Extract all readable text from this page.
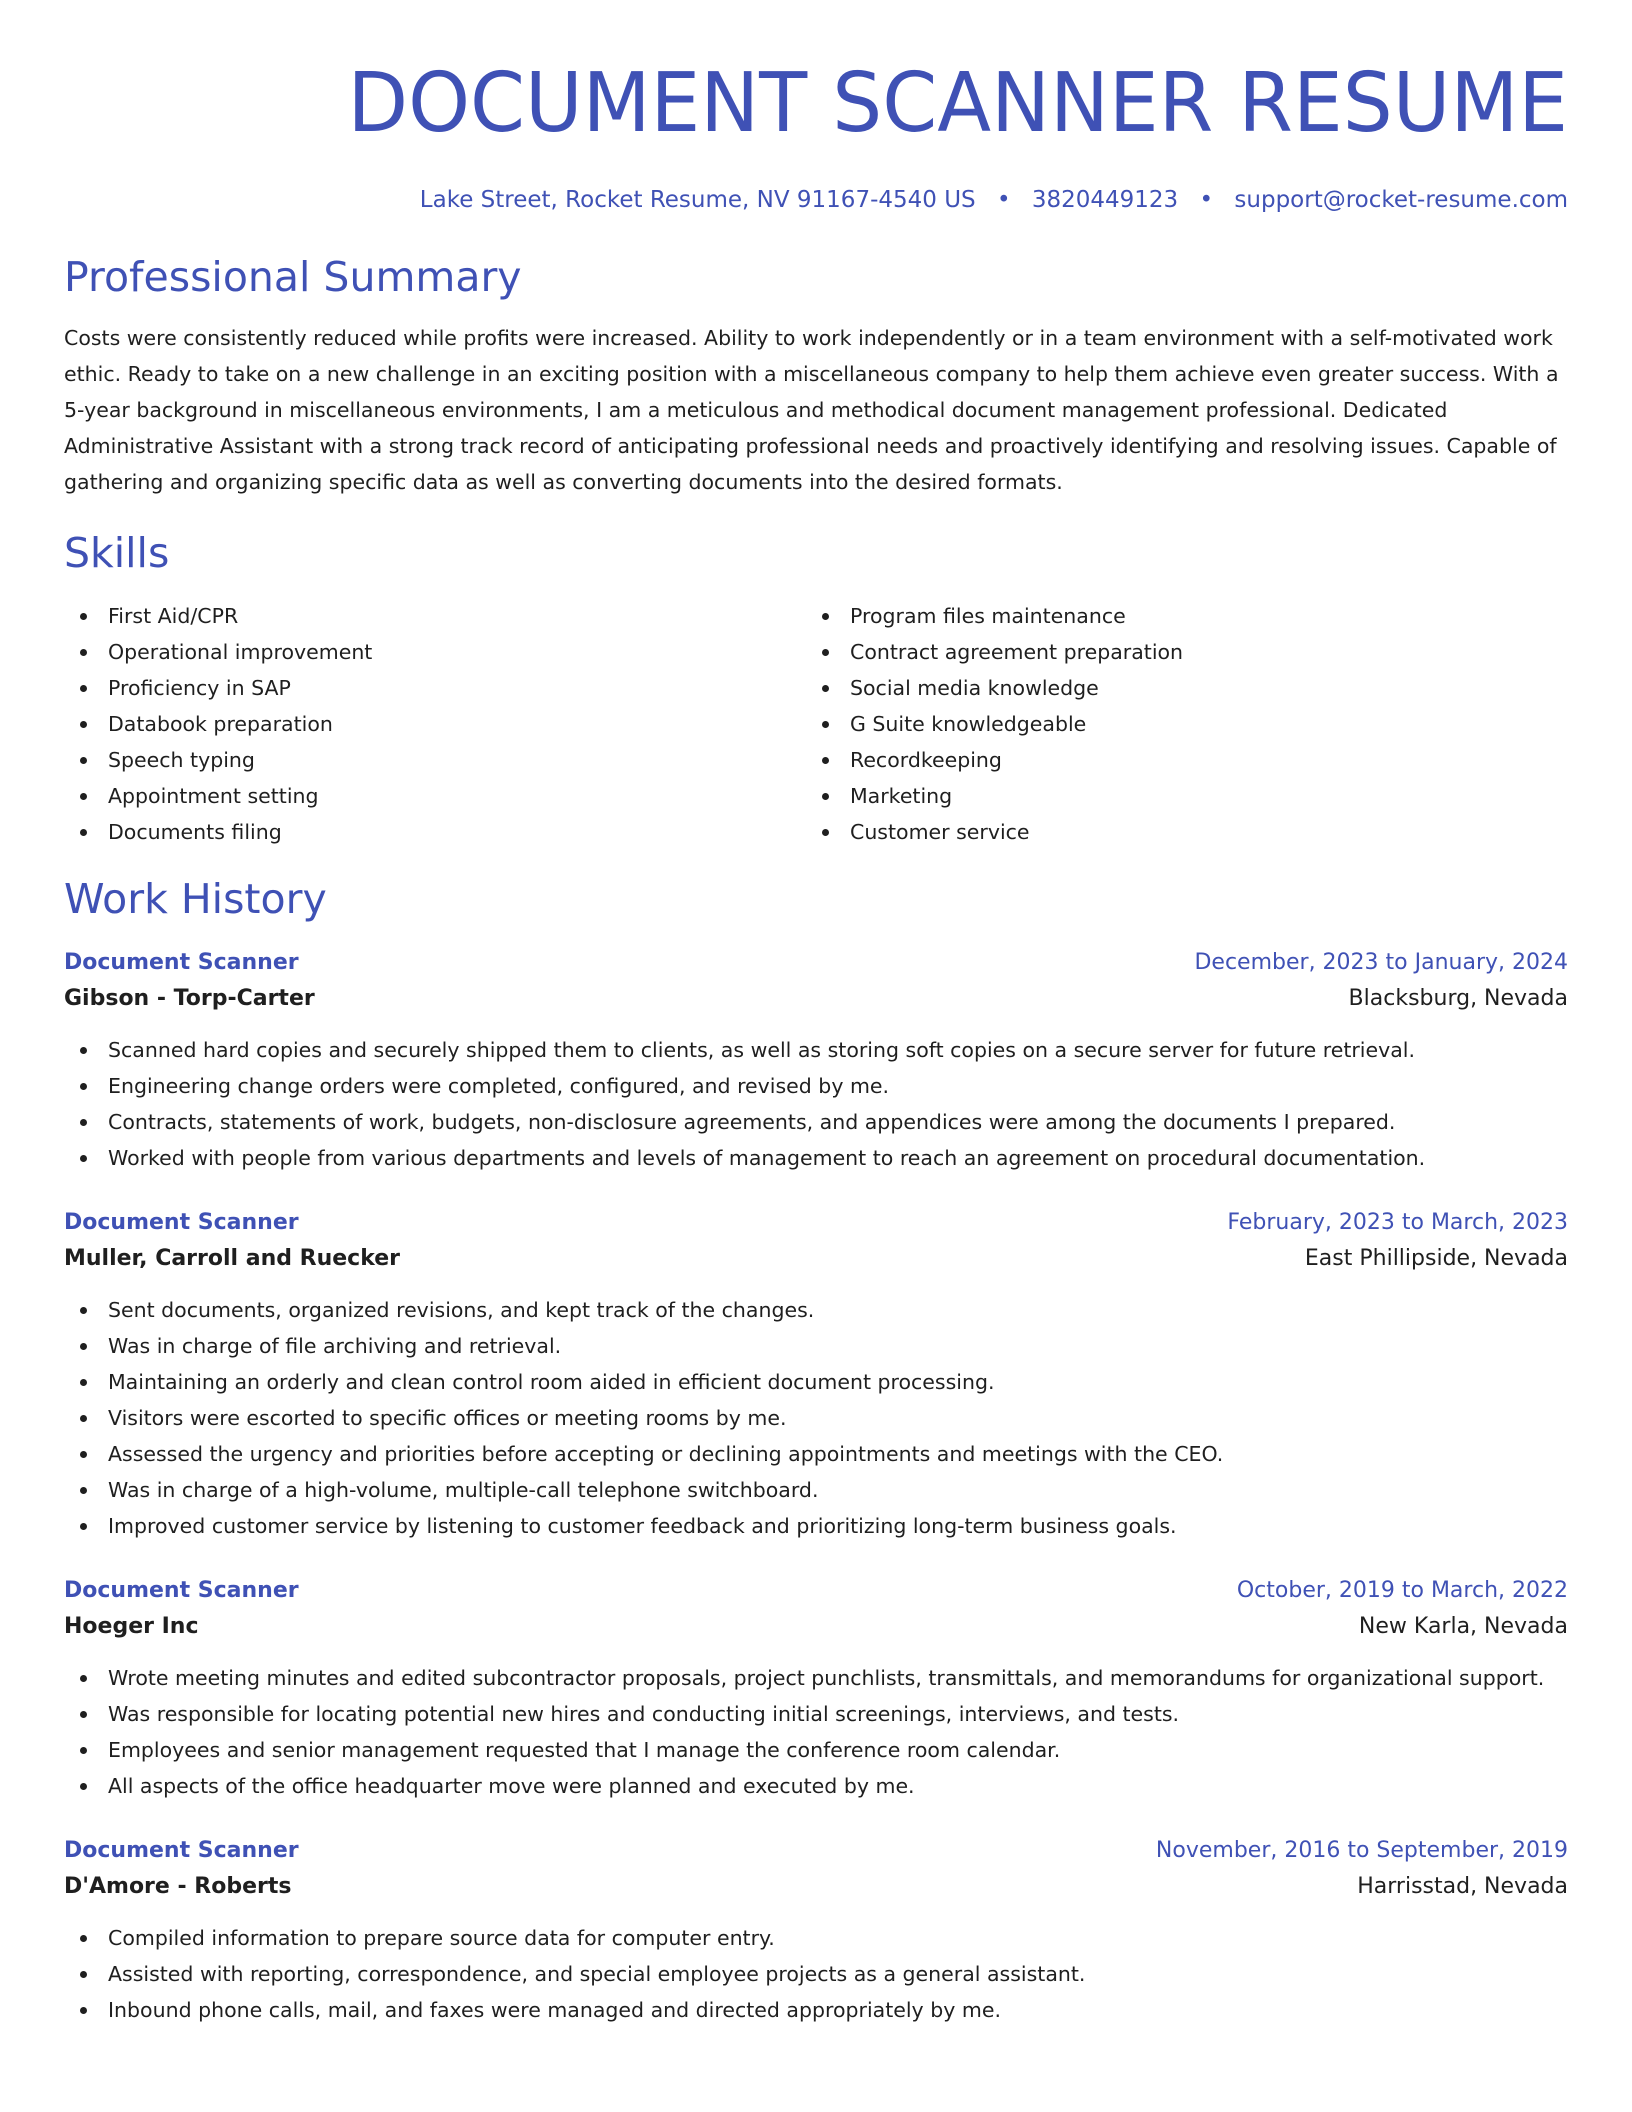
DOCUMENT SCANNER RESUME
Lake Street, Rocket Resume, NV 91167-4540 US • 3820449123 • support@rocket-resume.com
Professional Summary
Costs were consistently reduced while profits were increased. Ability to work independently or in a team environment with a self-motivated work ethic. Ready to take on a new challenge in an exciting position with a miscellaneous company to help them achieve even greater success. With a 5-year background in miscellaneous environments, I am a meticulous and methodical document management professional. Dedicated Administrative Assistant with a strong track record of anticipating professional needs and proactively identifying and resolving issues. Capable of gathering and organizing specific data as well as converting documents into the desired formats.
Skills
First Aid/CPR
Operational improvement
Proficiency in SAP
Databook preparation
Speech typing
Appointment setting
Documents filing
Program files maintenance
Contract agreement preparation
Social media knowledge
G Suite knowledgeable
Recordkeeping
Marketing
Customer service
Work History
Document Scanner	December, 2023 to January, 2024
Gibson - Torp-Carter	Blacksburg, Nevada
Scanned hard copies and securely shipped them to clients, as well as storing soft copies on a secure server for future retrieval.
Engineering change orders were completed, configured, and revised by me.
Contracts, statements of work, budgets, non-disclosure agreements, and appendices were among the documents I prepared.
Worked with people from various departments and levels of management to reach an agreement on procedural documentation.
Document Scanner	February, 2023 to March, 2023
Muller, Carroll and Ruecker	East Phillipside, Nevada
Sent documents, organized revisions, and kept track of the changes.
Was in charge of file archiving and retrieval.
Maintaining an orderly and clean control room aided in efficient document processing.
Visitors were escorted to specific offices or meeting rooms by me.
Assessed the urgency and priorities before accepting or declining appointments and meetings with the CEO.
Was in charge of a high-volume, multiple-call telephone switchboard.
Improved customer service by listening to customer feedback and prioritizing long-term business goals.
Document Scanner	October, 2019 to March, 2022
Hoeger Inc	New Karla, Nevada
Wrote meeting minutes and edited subcontractor proposals, project punchlists, transmittals, and memorandums for organizational support.
Was responsible for locating potential new hires and conducting initial screenings, interviews, and tests.
Employees and senior management requested that I manage the conference room calendar.
All aspects of the office headquarter move were planned and executed by me.
Document Scanner	November, 2016 to September, 2019
D'Amore - Roberts	Harrisstad, Nevada
Compiled information to prepare source data for computer entry.
Assisted with reporting, correspondence, and special employee projects as a general assistant.
Inbound phone calls, mail, and faxes were managed and directed appropriately by me.
